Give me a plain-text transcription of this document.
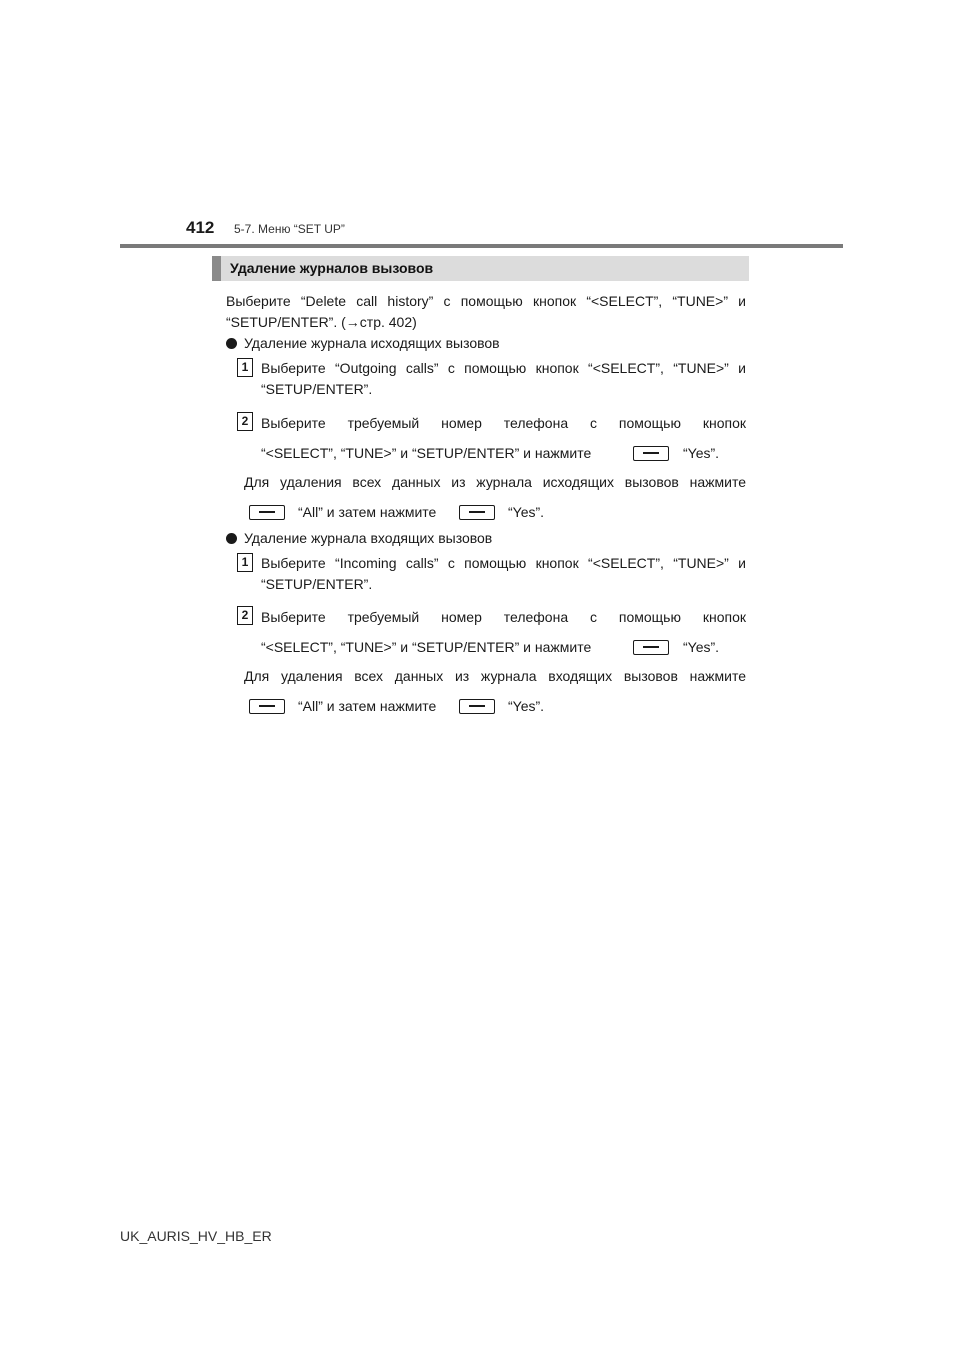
412 5-7. Меню “SET UP”
Удаление журналов вызовов
Выберите “Delete call history” с помощью кнопок “<SELECT”, “TUNE>” и
“SETUP/ENTER”. (→стр. 402)
Удаление журнала исходящих вызовов
1 Выберите “Outgoing calls” с помощью кнопок “<SELECT”, “TUNE>” и
“SETUP/ENTER”.
2 Выберите требуемый номер телефона с помощью кнопок
“<SELECT”, “TUNE>” и “SETUP/ENTER” и нажмите	“Yes”.
Для удаления всех данных из журнала исходящих вызовов нажмите
“All” и затем нажмите	“Yes”.
Удаление журнала входящих вызовов
1 Выберите “Incoming calls” с помощью кнопок “<SELECT”, “TUNE>” и
“SETUP/ENTER”.
2 Выберите требуемый номер телефона с помощью кнопок
“<SELECT”, “TUNE>” и “SETUP/ENTER” и нажмите	“Yes”.
Для удаления всех данных из журнала входящих вызовов нажмите
“All” и затем нажмите	“Yes”.
UK_AURIS_HV_HB_ER
